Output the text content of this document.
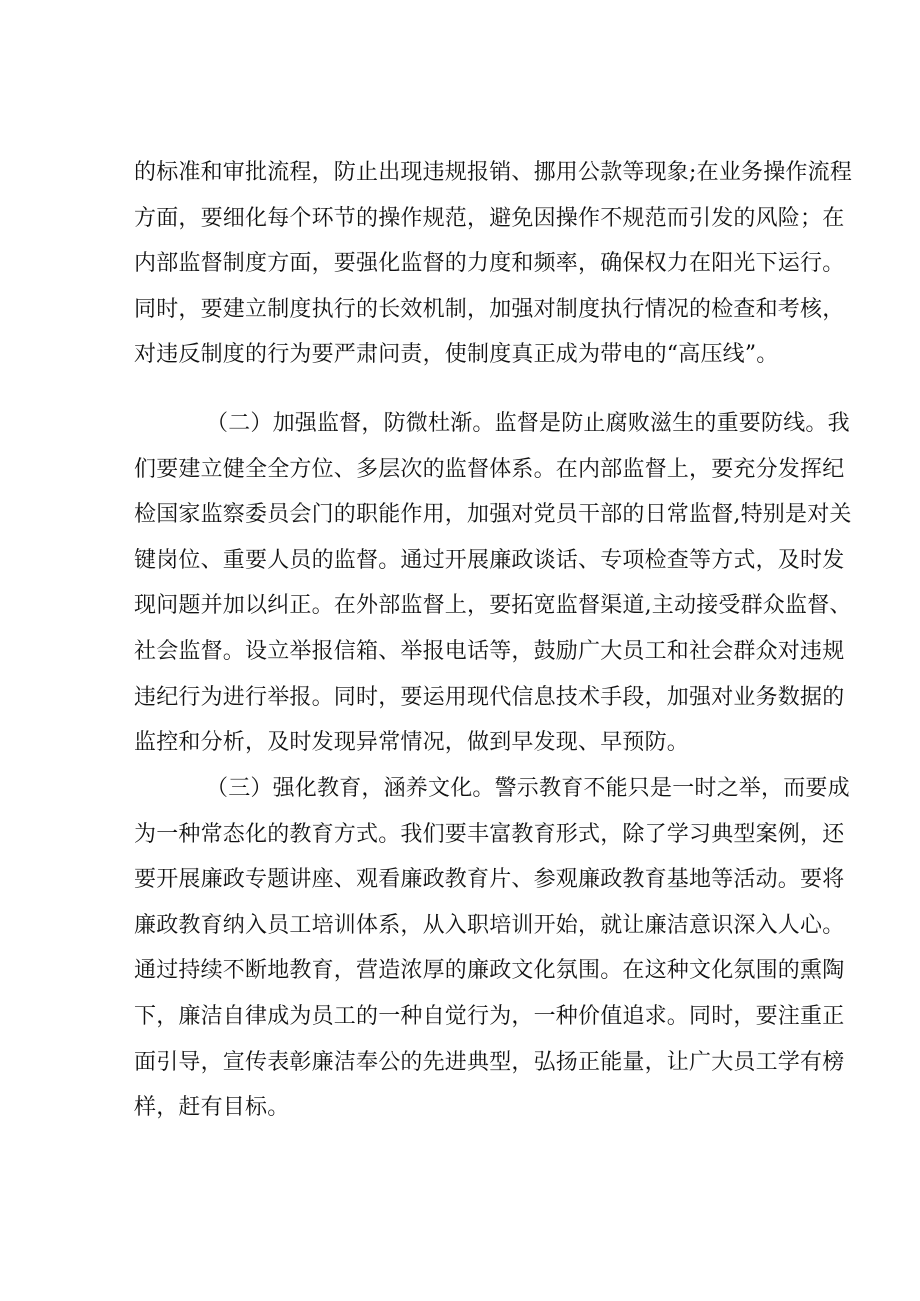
的标准和审批流程，防止出现违规报销、挪用公款等现象;在业务操作流程
方面，要细化每个环节的操作规范，避免因操作不规范而引发的风险；在
内部监督制度方面，要强化监督的力度和频率，确保权力在阳光下运行。
同时，要建立制度执行的长效机制，加强对制度执行情况的检查和考核，
对违反制度的行为要严肃问责，使制度真正成为带电的“高压线”。
（二）加强监督，防微杜渐。监督是防止腐败滋生的重要防线。我
们要建立健全全方位、多层次的监督体系。在内部监督上，要充分发挥纪
检国家监察委员会门的职能作用，加强对党员干部的日常监督,特别是对关
键岗位、重要人员的监督。通过开展廉政谈话、专项检查等方式，及时发
现问题并加以纠正。在外部监督上，要拓宽监督渠道,主动接受群众监督、
社会监督。设立举报信箱、举报电话等，鼓励广大员工和社会群众对违规
违纪行为进行举报。同时，要运用现代信息技术手段，加强对业务数据的
监控和分析，及时发现异常情况，做到早发现、早预防。
（三）强化教育，涵养文化。警示教育不能只是一时之举，而要成
为一种常态化的教育方式。我们要丰富教育形式，除了学习典型案例，还
要开展廉政专题讲座、观看廉政教育片、参观廉政教育基地等活动。要将
廉政教育纳入员工培训体系，从入职培训开始，就让廉洁意识深入人心。
通过持续不断地教育，营造浓厚的廉政文化氛围。在这种文化氛围的熏陶
下，廉洁自律成为员工的一种自觉行为，一种价值追求。同时，要注重正
面引导，宣传表彰廉洁奉公的先进典型，弘扬正能量，让广大员工学有榜
样，赶有目标。
